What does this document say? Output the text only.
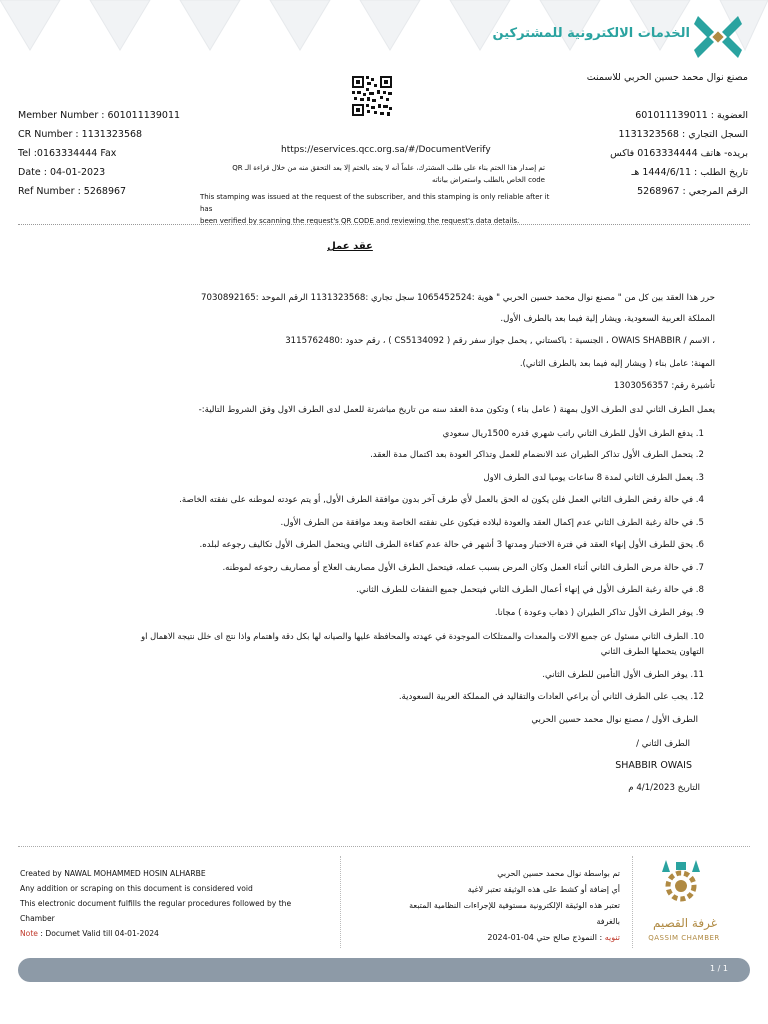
الخدمات الالكترونية للمشتركين
مصنع نوال محمد حسين الحربي للاسمنت
Member Number : 601011139011
CR Number : 1131323568
Tel :0163334444 Fax
Date : 04-01-2023
Ref Number : 5268967
العضوية : 601011139011
السجل التجاري : 1131323568
بريده- هاتف 0163334444 فاكس
تاريخ الطلب : 1444/6/11 هـ
الرقم المرجعي : 5268967
https://eservices.qcc.org.sa/#/DocumentVerify
تم إصدار هذا الختم بناء على طلب المشترك، علماً أنه لا يعتد بالختم إلا بعد التحقق منه من خلال قراءة الـ QR
code الخاص بالطلب واستعراض بياناته
This stamping was issued at the request of the subscriber, and this stamping is only reliable after it has
been verified by scanning the request's QR CODE and reviewing the request's data details.
عقد عمل
حرر هذا العقد بين كل من " مصنع نوال محمد حسين الحربي " هوية :1065452524 سجل تجاري :1131323568 الرقم الموحد :7030892165
المملكة العربية السعودية، ويشار إلية فيما بعد بالطرف الأول.
، الاسم / OWAIS SHABBIR ، الجنسية : باكستاني , يحمل جواز سفر رقم ( CS5134092 ) ، رقم حدود :3115762480
المهنة: عامل بناء ( ويشار إليه فيما بعد بالطرف الثاني).
تأشيرة رقم: 1303056357
يعمل الطرف الثاني لدى الطرف الاول بمهنة ( عامل بناء ) وتكون مدة العقد سنه من تاريخ مباشرتة للعمل لدى الطرف الاول وفق الشروط التالية:-
1. يدفع الطرف الأول للطرف الثاني راتب شهري قدره 1500ريال سعودي
2. يتحمل الطرف الأول تذاكر الطيران عند الانضمام للعمل وتذاكر العودة بعد اكتمال مدة العقد.
3. يعمل الطرف الثاني لمدة 8 ساعات يوميا لدى الطرف الاول
4. في حالة رفض الطرف الثاني العمل فلن يكون له الحق بالعمل لأي طرف آخر بدون موافقة الطرف الأول, أو يتم عودته لموطنه على نفقته الخاصة.
5. في حالة رغبة الطرف الثاني عدم إكمال العقد والعودة لبلاده فيكون على نفقته الخاصة وبعد موافقة من الطرف الأول.
6. يحق للطرف الأول إنهاء العقد في فترة الاختبار ومدتها 3 أشهر في حالة عدم كفاءة الطرف الثاني ويتحمل الطرف الأول تكاليف رجوعه لبلده.
7. في حالة مرض الطرف الثاني أثناء العمل وكان المرض بسبب عمله، فيتحمل الطرف الأول مصاريف العلاج أو مصاريف رجوعه لموطنه.
8. في حالة رغبة الطرف الأول في إنهاء أعمال الطرف الثاني فيتحمل جميع النفقات للطرف الثاني.
9. يوفر الطرف الأول تذاكر الطيران ( ذهاب وعودة ) مجانا.
10. الطرف الثاني مسئول عن جميع الالات والمعدات والممتلكات الموجودة في عهدته والمحافظة عليها والصيانه لها بكل دقة واهتمام واذا نتج اى خلل نتيجة الاهمال او
التهاون يتحملها الطرف الثاني
11. يوفر الطرف الأول التأمين للطرف الثاني.
12. يجب على الطرف الثاني أن يراعي العادات والتقاليد في المملكة العربية السعودية.
الطرف الأول / مصنع نوال محمد حسين الحربي
الطرف الثاني /
SHABBIR OWAIS
التاريخ 4/1/2023 م
Created by NAWAL MOHAMMED HOSIN ALHARBE
Any addition or scraping on this document is considered void
This electronic document fulfills the regular procedures followed by the
Chamber
Note : Documet Valid till 04-01-2024
تم بواسطة نوال محمد حسين الحربي
أي إضافة أو كشط على هذه الوثيقة تعتبر لاغية
تعتبر هذه الوثيقة الإلكترونية مستوفية للإجراءات النظامية المتبعة
بالغرفة
تنويه : النموذج صالح حتي 04-01-2024
غرفة القصيم
QASSIM CHAMBER
1 / 1
